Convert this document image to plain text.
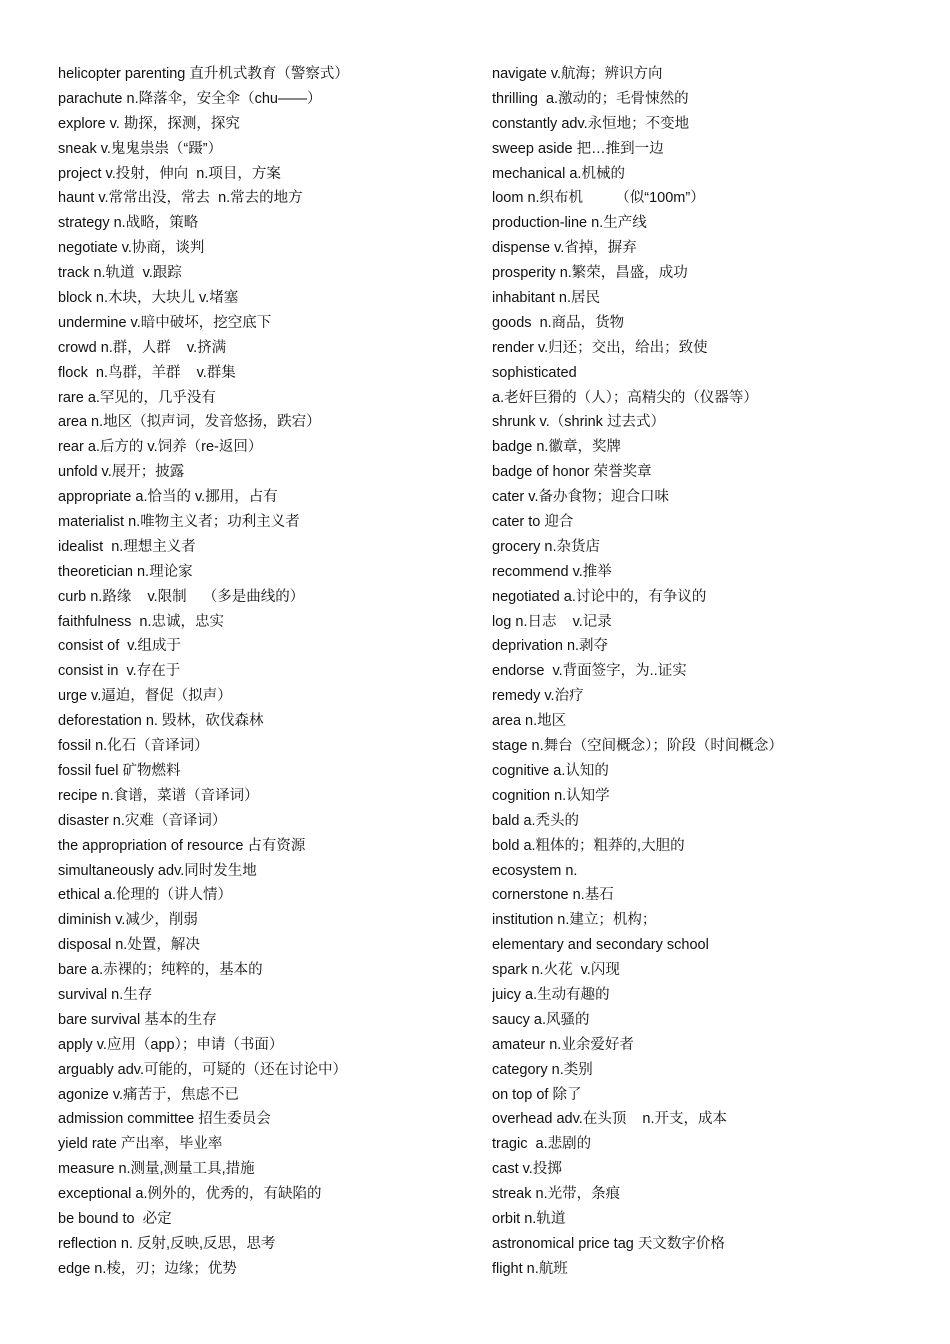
helicopter parenting 直升机式教育（警察式）
parachute n.降落伞，安全伞（chu——）
explore v. 勘探，探测，探究
sneak v.鬼鬼祟祟（“蹑”）
project v.投射，伸向  n.项目，方案
haunt v.常常出没，常去  n.常去的地方
strategy n.战略，策略
negotiate v.协商，谈判
track n.轨道  v.跟踪
block n.木块，大块儿 v.堵塞
undermine v.暗中破坏，挖空底下
crowd n.群，人群    v.挤满
flock  n.鸟群，羊群    v.群集
rare a.罕见的，几乎没有
area n.地区（拟声词，发音悠扬，跌宕）
rear a.后方的 v.饲养（re-返回）
unfold v.展开；披露
appropriate a.恰当的 v.挪用，占有
materialist n.唯物主义者；功利主义者
idealist  n.理想主义者
theoretician n.理论家
curb n.路缘    v.限制    （多是曲线的）
faithfulness  n.忠诚，忠实
consist of  v.组成于
consist in  v.存在于
urge v.逼迫，督促（拟声）
deforestation n. 毁林，砍伐森林
fossil n.化石（音译词）
fossil fuel 矿物燃料
recipe n.食谱，菜谱（音译词）
disaster n.灾难（音译词）
the appropriation of resource 占有资源
simultaneously adv.同时发生地
ethical a.伦理的（讲人情）
diminish v.减少，削弱
disposal n.处置，解决
bare a.赤裸的；纯粹的，基本的
survival n.生存
bare survival 基本的生存
apply v.应用（app）；申请（书面）
arguably adv.可能的，可疑的（还在讨论中）
agonize v.痛苦于，焦虑不已
admission committee 招生委员会
yield rate 产出率，毕业率
measure n.测量,测量工具,措施
exceptional a.例外的，优秀的，有缺陷的
be bound to  必定
reflection n. 反射,反映,反思，思考
edge n.棱，刃；边缘；优势
navigate v.航海；辨识方向
thrilling  a.激动的；毛骨悚然的
constantly adv.永恒地；不变地
sweep aside 把…推到一边
mechanical a.机械的
loom n.织布机        （似“100m”）
production-line n.生产线
dispense v.省掉，摒弃
prosperity n.繁荣，昌盛，成功
inhabitant n.居民
goods  n.商品，货物
render v.归还；交出，给出；致使
sophisticated
a.老奸巨猾的（人）；高精尖的（仪器等）
shrunk v.（shrink 过去式）
badge n.徽章，奖牌
badge of honor 荣誉奖章
cater v.备办食物；迎合口味
cater to 迎合
grocery n.杂货店
recommend v.推举
negotiated a.讨论中的，有争议的
log n.日志    v.记录
deprivation n.剥夺
endorse  v.背面签字，为..证实
remedy v.治疗
area n.地区
stage n.舞台（空间概念）；阶段（时间概念）
cognitive a.认知的
cognition n.认知学
bald a.秃头的
bold a.粗体的；粗莽的,大胆的
ecosystem n.
cornerstone n.基石
institution n.建立；机构；
elementary and secondary school
spark n.火花  v.闪现
juicy a.生动有趣的
saucy a.风骚的
amateur n.业余爱好者
category n.类别
on top of 除了
overhead adv.在头顶    n.开支，成本
tragic  a.悲剧的
cast v.投掷
streak n.光带，条痕
orbit n.轨道
astronomical price tag 天文数字价格
flight n.航班
